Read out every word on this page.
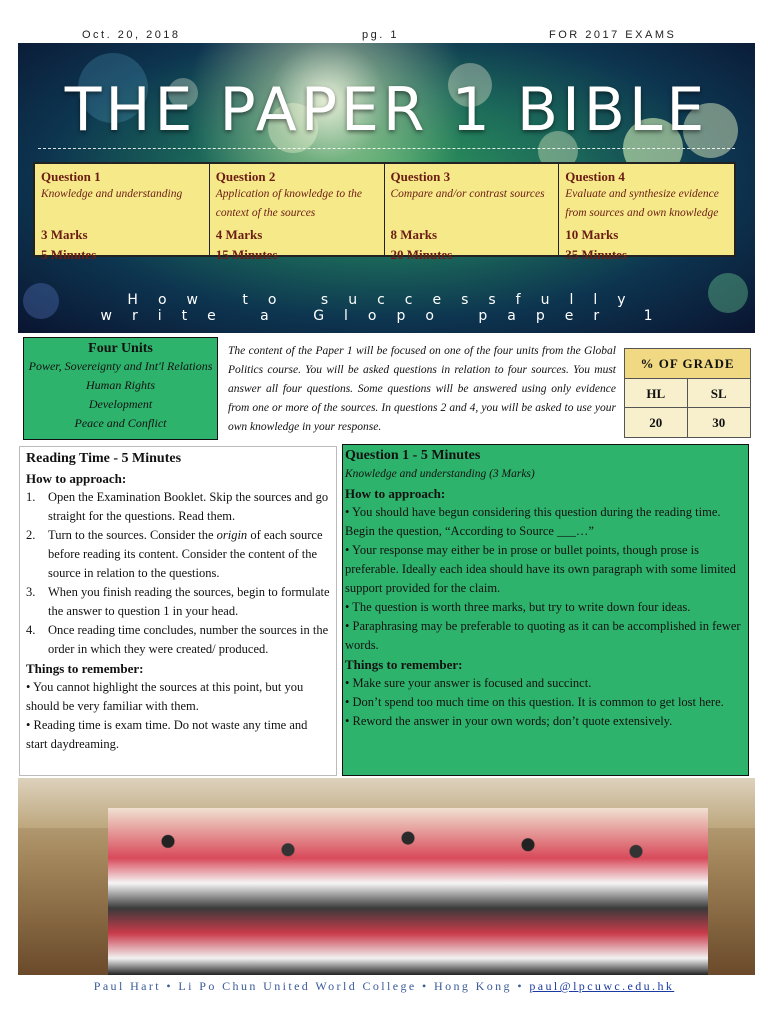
Oct. 20, 2018	pg. 1	FOR 2017 EXAMS
THE PAPER 1 BIBLE
Question 1
Knowledge and understanding
3 Marks
5 Minutes
Question 2
Application of knowledge to the context of the sources
4 Marks
15 Minutes
Question 3
Compare and/or contrast sources
8 Marks
20 Minutes
Question 4
Evaluate and synthesize evidence from sources and own knowledge
10 Marks
35 Minutes
How to successfully
write a Glopo paper 1
Four Units
Power, Sovereignty and Int'l Relations
Human Rights
Development
Peace and Conflict
The content of the Paper 1 will be focused on one of the four units from the Global Politics course. You will be asked questions in relation to four sources. You must answer all four questions. Some questions will be answered using only evidence from one or more of the sources. In questions 2 and 4, you will be asked to use your own knowledge in your response.
% OF GRADE
HL	SL
20	30
Reading Time - 5 Minutes
How to approach:
1. Open the Examination Booklet. Skip the sources and go straight for the questions. Read them.
2. Turn to the sources. Consider the origin of each source before reading its content. Consider the content of the source in relation to the questions.
3. When you finish reading the sources, begin to formulate the answer to question 1 in your head.
4. Once reading time concludes, number the sources in the order in which they were created/ produced.
Things to remember:
• You cannot highlight the sources at this point, but you should be very familiar with them.
• Reading time is exam time. Do not waste any time and start daydreaming.
Question 1 - 5 Minutes
Knowledge and understanding (3 Marks)
How to approach:
• You should have begun considering this question during the reading time. Begin the question, “According to Source ___…”
• Your response may either be in prose or bullet points, though prose is preferable. Ideally each idea should have its own paragraph with some limited support provided for the claim.
• The question is worth three marks, but try to write down four ideas.
• Paraphrasing may be preferable to quoting as it can be accomplished in fewer words.
Things to remember:
• Make sure your answer is focused and succinct.
• Don’t spend too much time on this question. It is common to get lost here.
• Reword the answer in your own words; don’t quote extensively.
Paul Hart • Li Po Chun United World College • Hong Kong • paul@lpcuwc.edu.hk
